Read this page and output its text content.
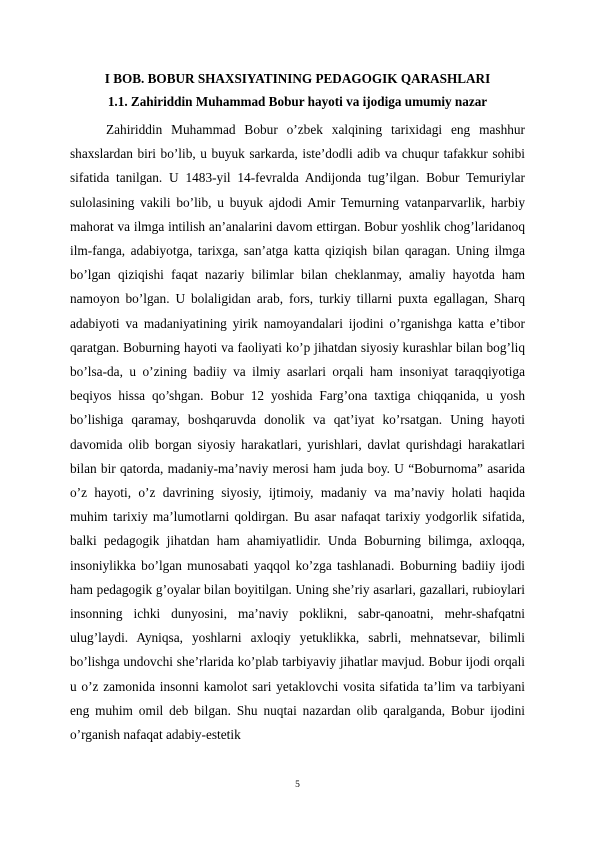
I BOB. BOBUR SHAXSIYATINING PEDAGOGIK QARASHLARI
1.1. Zahiriddin Muhammad Bobur hayoti va ijodiga umumiy nazar

Zahiriddin Muhammad Bobur o’zbek xalqining tarixidagi eng mashhur shaxslardan biri bo’lib, u buyuk sarkarda, iste’dodli adib va chuqur tafakkur sohibi sifatida tanilgan. U 1483-yil 14-fevralda Andijonda tug’ilgan. Bobur Temuriylar sulolasining vakili bo’lib, u buyuk ajdodi Amir Temurning vatanparvarlik, harbiy mahorat va ilmga intilish an’analarini davom ettirgan. Bobur yoshlik chog’laridanoq ilm-fanga, adabiyotga, tarixga, san’atga katta qiziqish bilan qaragan. Uning ilmga bo’lgan qiziqishi faqat nazariy bilimlar bilan cheklanmay, amaliy hayotda ham namoyon bo’lgan. U bolaligidan arab, fors, turkiy tillarni puxta egallagan, Sharq adabiyoti va madaniyatining yirik namoyandalari ijodini o’rganishga katta e’tibor qaratgan. Boburning hayoti va faoliyati ko’p jihatdan siyosiy kurashlar bilan bog’liq bo’lsa-da, u o’zining badiiy va ilmiy asarlari orqali ham insoniyat taraqqiyotiga beqiyos hissa qo’shgan. Bobur 12 yoshida Farg’ona taxtiga chiqqanida, u yosh bo’lishiga qaramay, boshqaruvda donolik va qat’iyat ko’rsatgan. Uning hayoti davomida olib borgan siyosiy harakatlari, yurishlari, davlat qurishdagi harakatlari bilan bir qatorda, madaniy-ma’naviy merosi ham juda boy. U “Boburnoma” asarida o’z hayoti, o’z davrining siyosiy, ijtimoiy, madaniy va ma’naviy holati haqida muhim tarixiy ma’lumotlarni qoldirgan. Bu asar nafaqat tarixiy yodgorlik sifatida, balki pedagogik jihatdan ham ahamiyatlidir. Unda Boburning bilimga, axloqqa, insoniylikka bo’lgan munosabati yaqqol ko’zga tashlanadi. Boburning badiiy ijodi ham pedagogik g’oyalar bilan boyitilgan. Uning she’riy asarlari, gazallari, rubioylari insonning ichki dunyosini, ma’naviy poklikni, sabr-qanoatni, mehr-shafqatni ulug’laydi. Ayniqsa, yoshlarni axloqiy yetuklikka, sabrli, mehnatsevar, bilimli bo’lishga undovchi she’rlarida ko’plab tarbiyaviy jihatlar mavjud. Bobur ijodi orqali u o’z zamonida insonni kamolot sari yetaklovchi vosita sifatida ta’lim va tarbiyani eng muhim omil deb bilgan. Shu nuqtai nazardan olib qaralganda, Bobur ijodini o’rganish nafaqat adabiy-estetik

5
